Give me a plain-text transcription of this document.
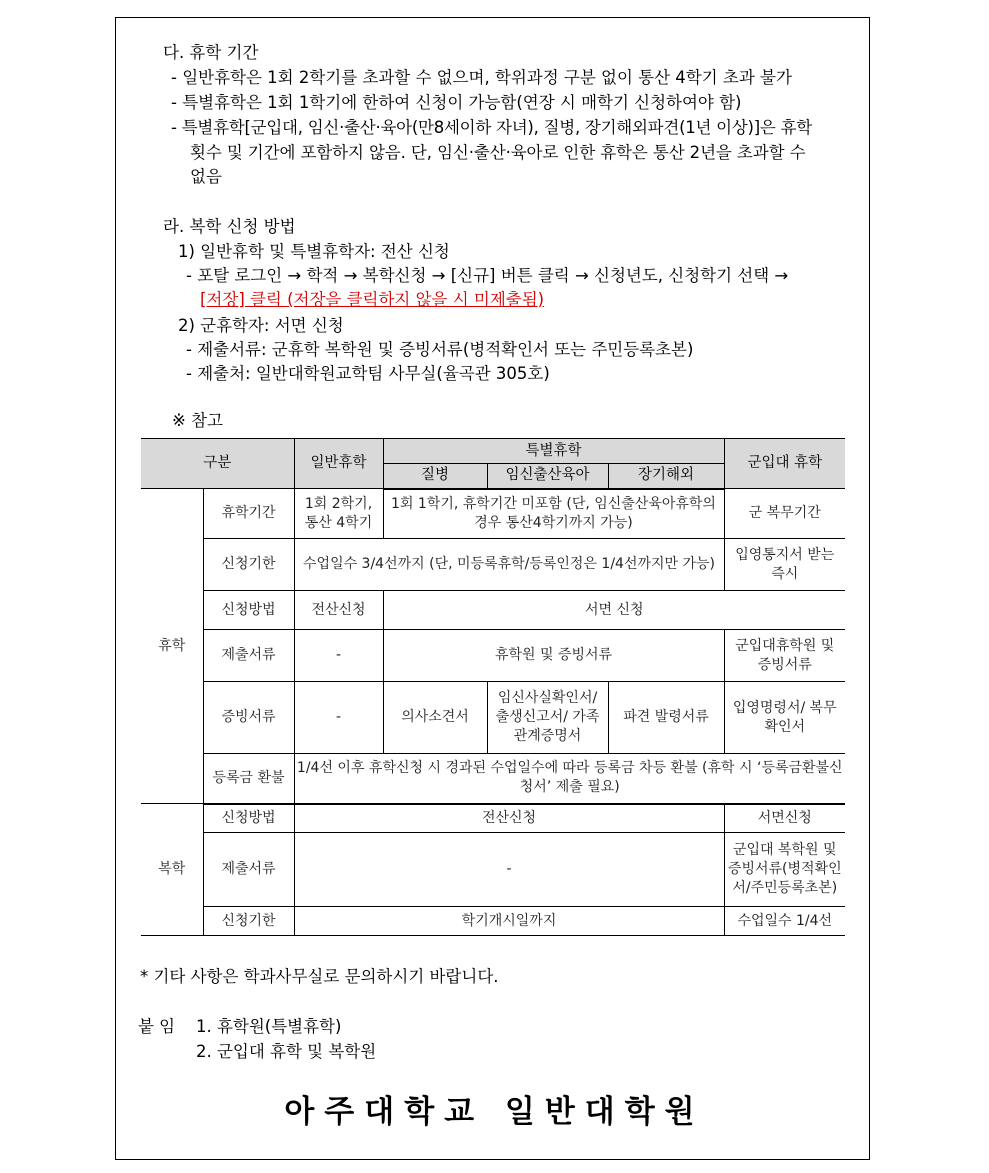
다. 휴학 기간
- 일반휴학은 1회 2학기를 초과할 수 없으며, 학위과정 구분 없이 통산 4학기 초과 불가
- 특별휴학은 1회 1학기에 한하여 신청이 가능함(연장 시 매학기 신청하여야 함)
- 특별휴학[군입대, 임신·출산·육아(만8세이하 자녀), 질병, 장기해외파견(1년 이상)]은 휴학
횟수 및 기간에 포함하지 않음. 단, 임신·출산·육아로 인한 휴학은 통산 2년을 초과할 수
없음
라. 복학 신청 방법
1) 일반휴학 및 특별휴학자: 전산 신청
- 포탈 로그인 → 학적 → 복학신청 → [신규] 버튼 클릭 → 신청년도, 신청학기 선택 →
[저장] 클릭 (저장을 클릭하지 않을 시 미제출됨)
2) 군휴학자: 서면 신청
- 제출서류: 군휴학 복학원 및 증빙서류(병적확인서 또는 주민등록초본)
- 제출처: 일반대학원교학팀 사무실(율곡관 305호)
※ 참고
구분		일반휴학	특별휴학			군입대 휴학
			질병	임신출산육아	장기해외	
휴학	휴학기간	1회 2학기, 통산 4학기	1회 1학기, 휴학기간 미포함 (단, 임신출산육아휴학의 경우 통산4학기까지 가능)			군 복무기간
	신청기한	수업일수 3/4선까지 (단, 미등록휴학/등록인정은 1/4선까지만 가능)				입영통지서 받는 즉시
	신청방법	전산신청	서면 신청			
	제출서류	-	휴학원 및 증빙서류			군입대휴학원 및 증빙서류
	증빙서류	-	의사소견서	임신사실확인서/ 출생신고서/ 가족관계증명서	파견 발령서류	입영명령서/ 복무확인서
	등록금 환불	1/4선 이후 휴학신청 시 경과된 수업일수에 따라 등록금 차등 환불 (휴학 시 ‘등록금환불신청서’ 제출 필요)				
복학	신청방법	전산신청				서면신청
	제출서류	-				군입대 복학원 및 증빙서류(병적확인서/주민등록초본)
	신청기한	학기개시일까지				수업일수 1/4선
* 기타 사항은 학과사무실로 문의하시기 바랍니다.
붙 임 1. 휴학원(특별휴학)
2. 군입대 휴학 및 복학원
아주대학교 일반대학원
